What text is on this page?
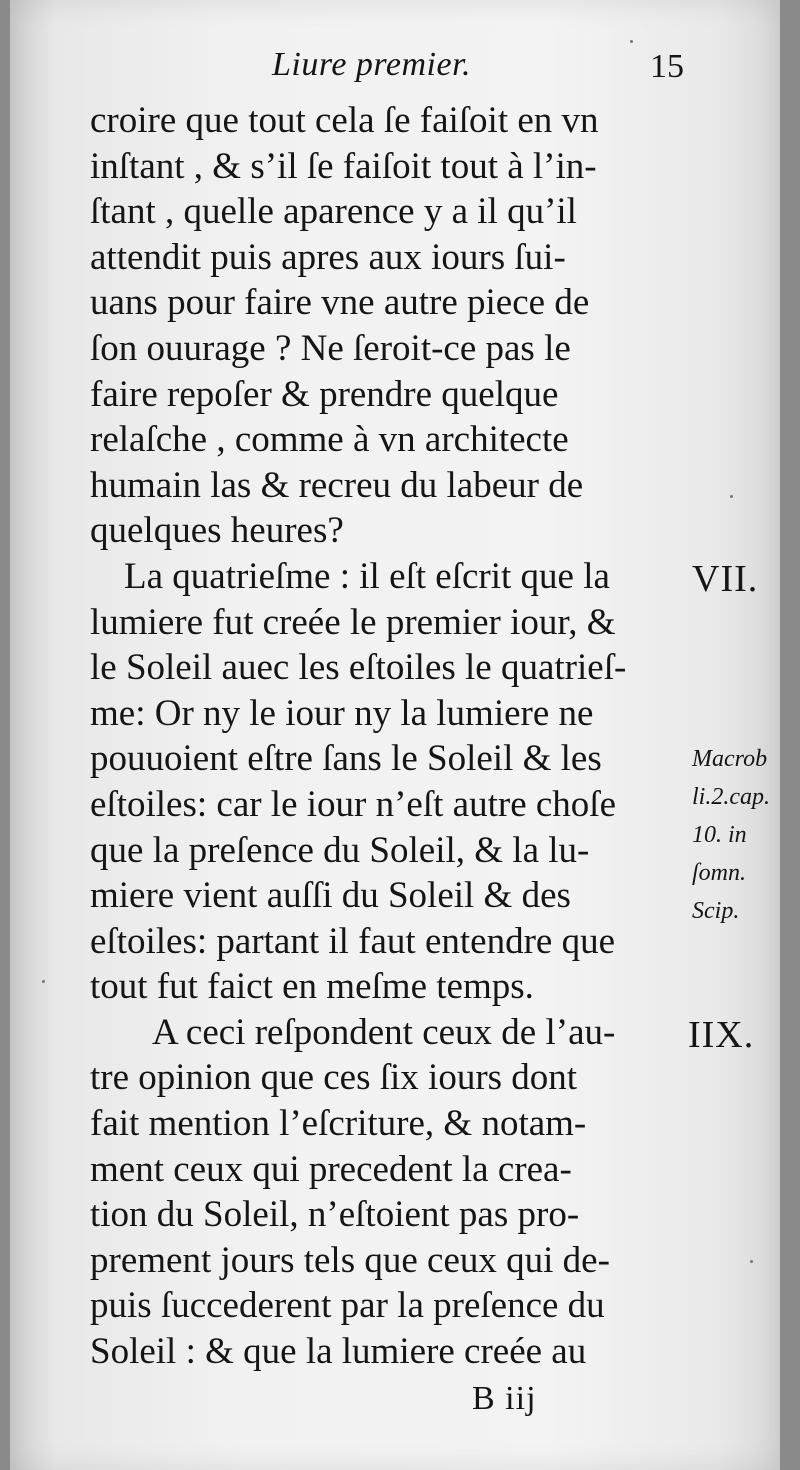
Liure premier.	15
croire que tout cela ſe faiſoit en vn
inſtant , & s’il ſe faiſoit tout à l’in-
ſtant , quelle aparence y a il qu’il
attendit puis apres aux iours ſui-
uans pour faire vne autre piece de
ſon ouurage ? Ne ſeroit-ce pas le
faire repoſer & prendre quelque
relaſche , comme à vn architecte
humain las & recreu du labeur de
quelques heures?
La quatrieſme : il eſt eſcrit que la
lumiere fut creée le premier iour, &
le Soleil auec les eſtoiles le quatrieſ-
me: Or ny le iour ny la lumiere ne
pouuoient eſtre ſans le Soleil & les
eſtoiles: car le iour n’eſt autre choſe
que la preſence du Soleil, & la lu-
miere vient auſſi du Soleil & des
eſtoiles: partant il faut entendre que
tout fut faict en meſme temps.
A ceci reſpondent ceux de l’au-
tre opinion que ces ſix iours dont
fait mention l’eſcriture, & notam-
ment ceux qui precedent la crea-
tion du Soleil, n’eſtoient pas pro-
prement jours tels que ceux qui de-
puis ſuccederent par la preſence du
Soleil : & que la lumiere creée au
VII.
IIX.
Macrob
li.2.cap.
10. in
ſomn.
Scip.
B iij
